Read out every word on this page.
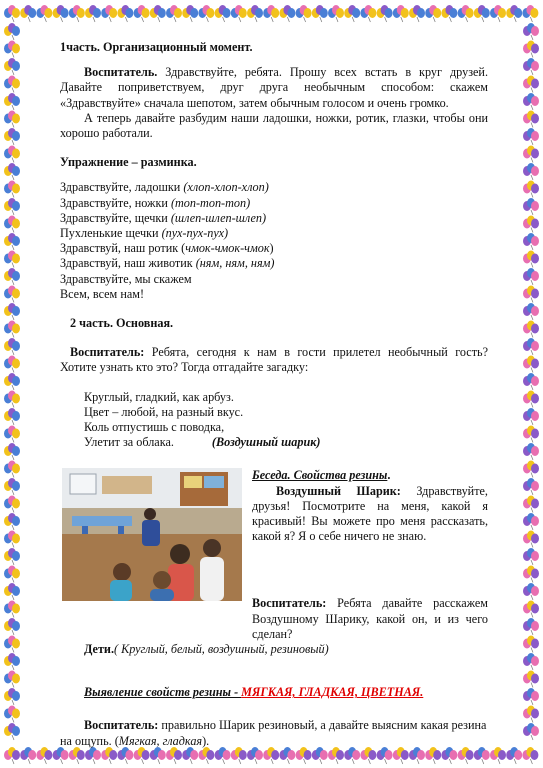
1часть. Организационный момент.

Воспитатель. Здравствуйте, ребята. Прошу всех встать в круг друзей. Давайте поприветствуем, друг друга необычным способом: скажем «Здравствуйте» сначала шепотом, затем обычным голосом и очень громко.

А теперь давайте разбудим наши ладошки, ножки, ротик, глазки, чтобы они хорошо работали.

Упражнение – разминка.

Здравствуйте, ладошки (хлоп-хлоп-хлоп)

Здравствуйте, ножки (топ-топ-топ)

Здравствуйте, щечки (шлеп-шлеп-шлеп)

Пухленькие щечки (пух-пух-пух)

Здравствуй, наш ротик (чмок-чмок-чмок)

Здравствуй, наш животик (ням, ням, ням)

Здравствуйте, мы скажем

Всем, всем нам!

2 часть. Основная.

Воспитатель: Ребята, сегодня к нам в гости прилетел необычный гость? Хотите узнать кто это? Тогда отгадайте загадку:

Круглый, гладкий, как арбуз.

Цвет – любой, на разный вкус.

Коль отпустишь с поводка,

Улетит за облака.	(Воздушный шарик)

Беседа. Свойства резины.

Воздушный Шарик: Здравствуйте, друзья! Посмотрите на меня, какой я красивый! Вы можете про меня рассказать, какой я? Я о себе ничего не знаю.

Воспитатель: Ребята давайте расскажем Воздушному Шарику, какой он, и из чего сделан?

Дети.( Круглый, белый, воздушный, резиновый)

Выявление свойств резины - МЯГКАЯ, ГЛАДКАЯ, ЦВЕТНАЯ.

Воспитатель: правильно Шарик резиновый, а давайте выясним какая резина на ощупь. (Мягкая, гладкая).
